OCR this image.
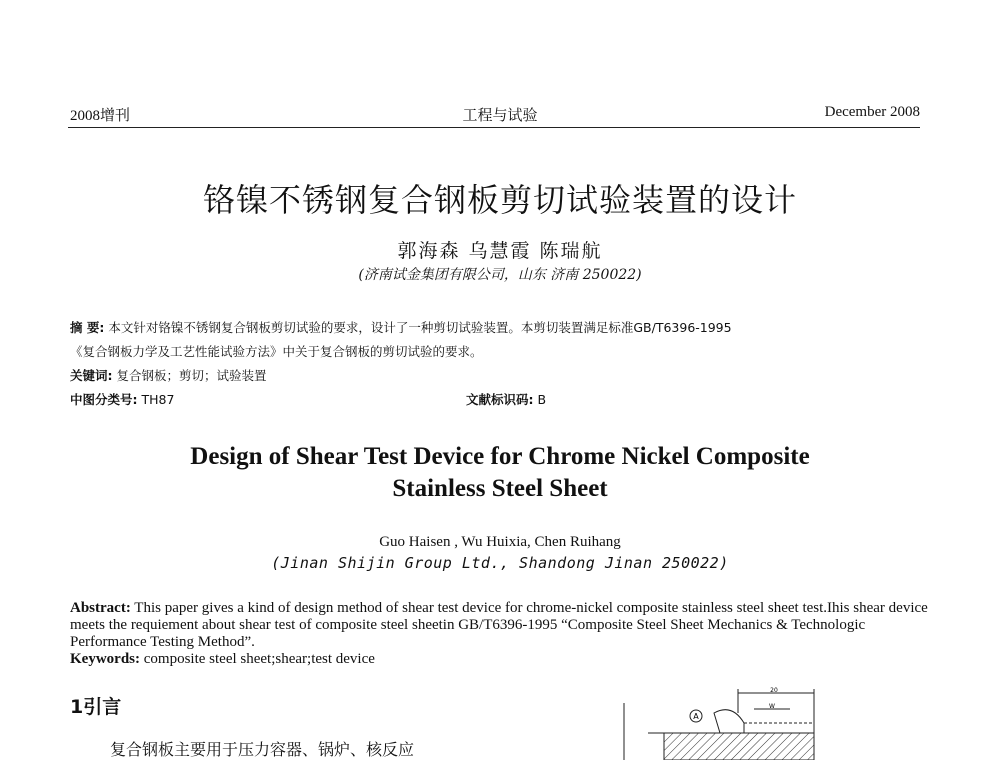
2008增刊	工程与试验	December 2008
铬镍不锈钢复合钢板剪切试验装置的设计
郭海森 乌慧霞 陈瑞航
(济南试金集团有限公司，山东 济南 250022)
摘 要: 本文针对铬镍不锈钢复合钢板剪切试验的要求，设计了一种剪切试验装置。本剪切装置满足标准GB/T6396-1995
《复合钢板力学及工艺性能试验方法》中关于复合钢板的剪切试验的要求。
关键词: 复合钢板；剪切；试验装置
中图分类号: TH87	文献标识码: B
Design of Shear Test Device for Chrome Nickel Composite
Stainless Steel Sheet
Guo Haisen , Wu Huixia, Chen Ruihang
(Jinan Shijin Group Ltd., Shandong Jinan 250022)
Abstract: This paper gives a kind of design method of shear test device for chrome-nickel composite stainless steel sheet test.Ihis shear device meets the requiement about shear test of composite steel sheetin GB/T6396-1995 “Composite Steel Sheet Mechanics & Technologic Performance Testing Method”.
Keywords: composite steel sheet;shear;test device
1引言
复合钢板主要用于压力容器、锅炉、核反应
A
20
W
